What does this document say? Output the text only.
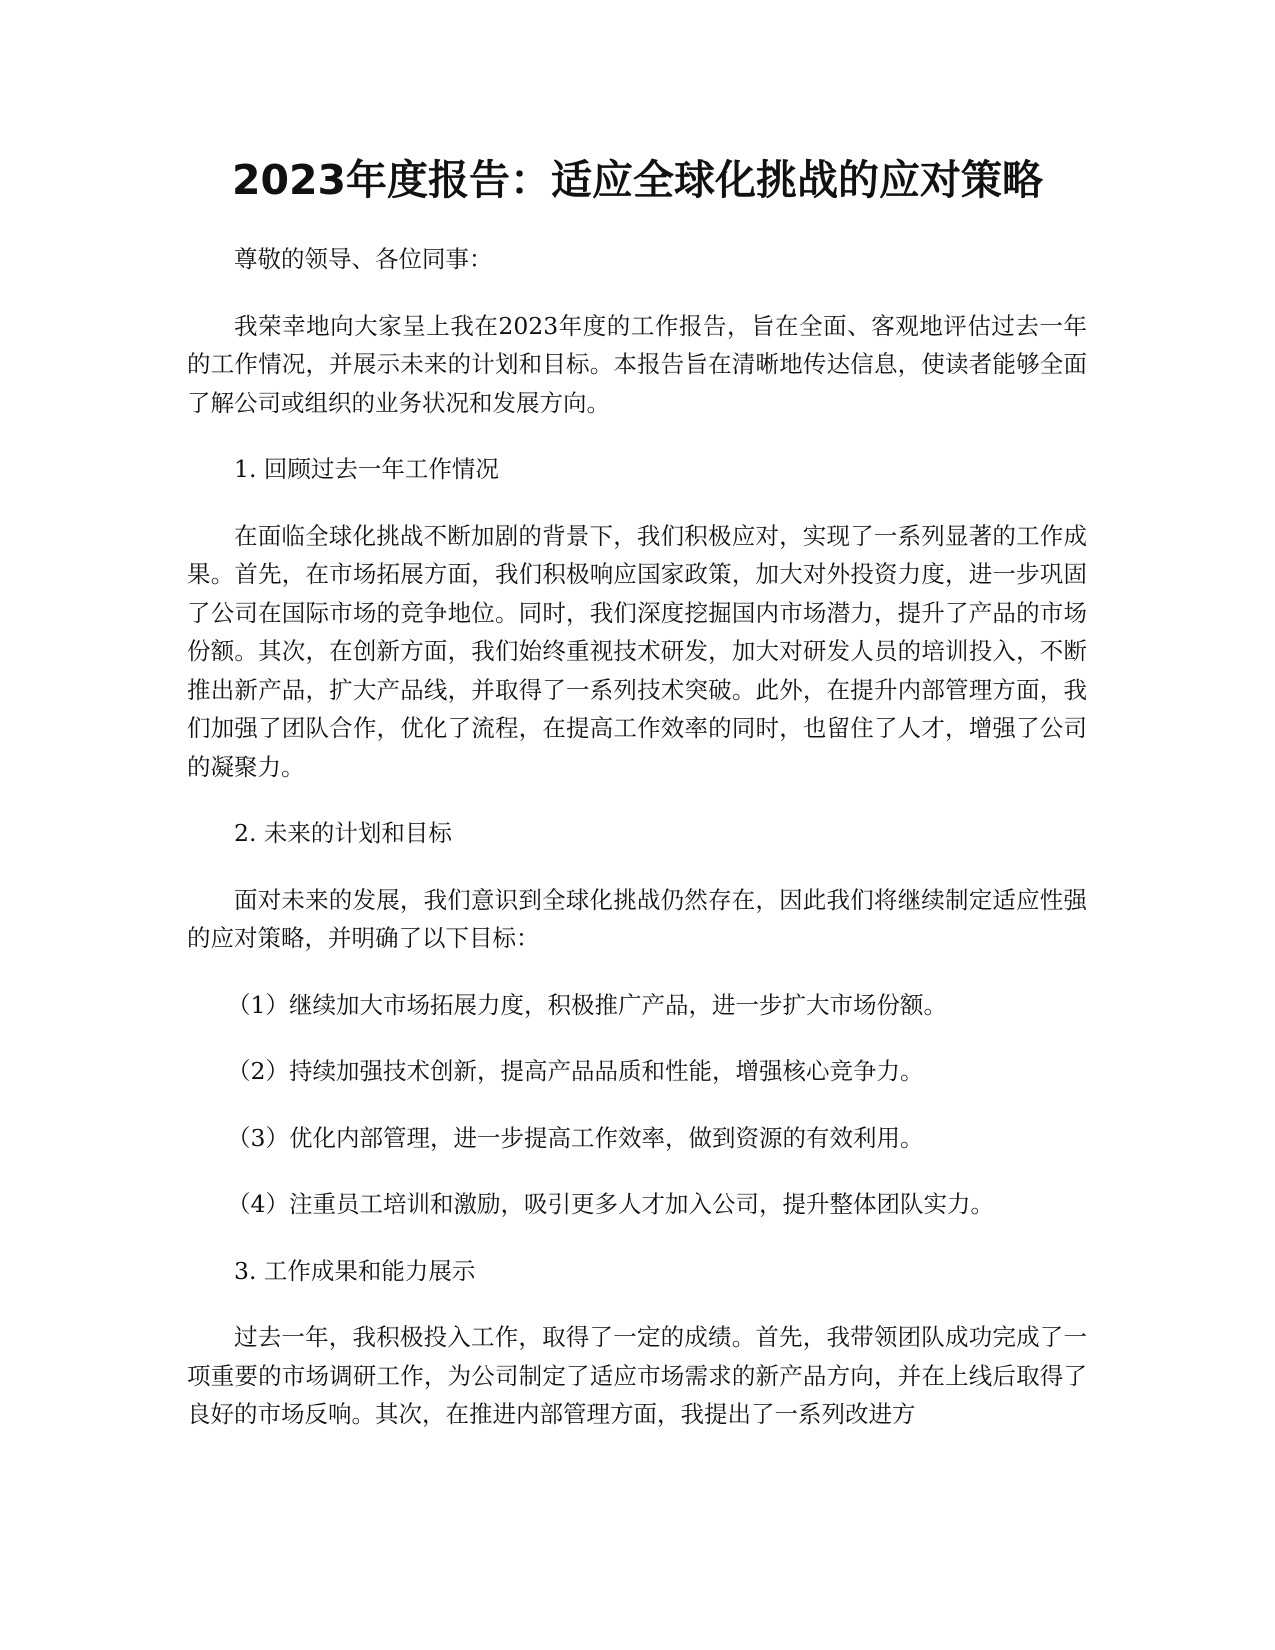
2023年度报告：适应全球化挑战的应对策略

尊敬的领导、各位同事：

我荣幸地向大家呈上我在2023年度的工作报告，旨在全面、客观地评估过去一年的工作情况，并展示未来的计划和目标。本报告旨在清晰地传达信息，使读者能够全面了解公司或组织的业务状况和发展方向。

1. 回顾过去一年工作情况

在面临全球化挑战不断加剧的背景下，我们积极应对，实现了一系列显著的工作成果。首先，在市场拓展方面，我们积极响应国家政策，加大对外投资力度，进一步巩固了公司在国际市场的竞争地位。同时，我们深度挖掘国内市场潜力，提升了产品的市场份额。其次，在创新方面，我们始终重视技术研发，加大对研发人员的培训投入，不断推出新产品，扩大产品线，并取得了一系列技术突破。此外，在提升内部管理方面，我们加强了团队合作，优化了流程，在提高工作效率的同时，也留住了人才，增强了公司的凝聚力。

2. 未来的计划和目标

面对未来的发展，我们意识到全球化挑战仍然存在，因此我们将继续制定适应性强的应对策略，并明确了以下目标：

（1）继续加大市场拓展力度，积极推广产品，进一步扩大市场份额。

（2）持续加强技术创新，提高产品品质和性能，增强核心竞争力。

（3）优化内部管理，进一步提高工作效率，做到资源的有效利用。

（4）注重员工培训和激励，吸引更多人才加入公司，提升整体团队实力。

3. 工作成果和能力展示

过去一年，我积极投入工作，取得了一定的成绩。首先，我带领团队成功完成了一项重要的市场调研工作，为公司制定了适应市场需求的新产品方向，并在上线后取得了良好的市场反响。其次，在推进内部管理方面，我提出了一系列改进方
